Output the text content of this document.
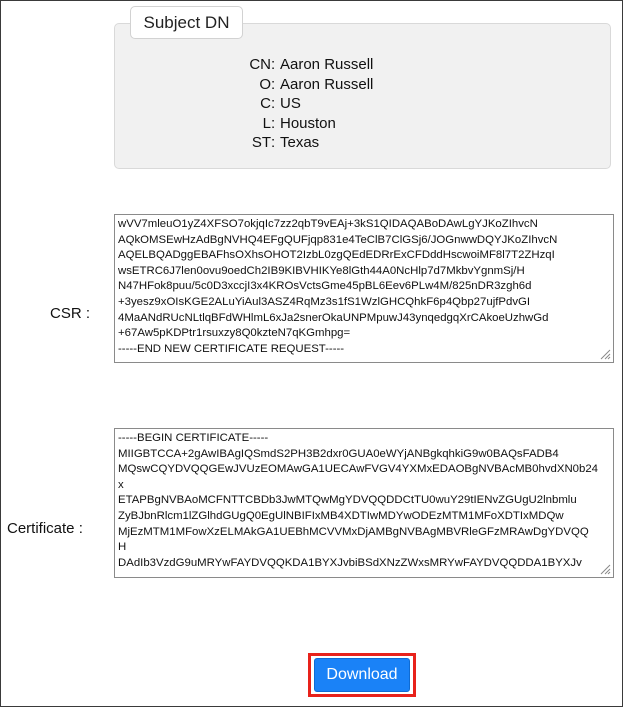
Subject DN
CN : Aaron Russell
O : Aaron Russell
C : US
L : Houston
ST : Texas
CSR :
wVV7mleuO1yZ4XFSO7okjqIc7zz2qbT9vEAj+3kS1QIDAQABoDAwLgYJKoZIhvcN
AQkOMSEwHzAdBgNVHQ4EFgQUFjqp831e4TeClB7ClGSj6/JOGnwwDQYJKoZIhvcN
AQELBQADggEBAFhsOXhsOHOT2IzbL0zgQEdEDRrExCFDddHscwoiMF8l7T2ZHzqI
wsETRC6J7len0ovu9oedCh2IB9KIBVHIKYe8lGth44A0NcHlp7d7MkbvYgnmSj/H
N47HFok8puu/5c0D3xccjI3x4KROsVctsGme45pBL6Eev6PLw4M/825nDR3zgh6d
+3yesz9xOIsKGE2ALuYiAul3ASZ4RqMz3s1fS1WzlGHCQhkF6p4Qbp27ujfPdvGI
4MaANdRUcNLtlqBFdWHlmL6xJa2snerOkaUNPMpuwJ43ynqedgqXrCAkoeUzhwGd
+67Aw5pKDPtr1rsuxzy8Q0kzteN7qKGmhpg=
-----END NEW CERTIFICATE REQUEST-----
Certificate :
-----BEGIN CERTIFICATE-----
MIIGBTCCA+2gAwIBAgIQSmdS2PH3B2dxr0GUA0eWYjANBgkqhkiG9w0BAQsFADB4
MQswCQYDVQQGEwJVUzEOMAwGA1UECAwFVGV4YXMxEDAOBgNVBAcMB0hvdXN0b24
x
ETAPBgNVBAoMCFNTTCBDb3JwMTQwMgYDVQQDDCtTU0wuY29tIENvZGUgU2lnbmlu
ZyBJbnRlcm1lZGlhdGUgQ0EgUlNBIFIxMB4XDTIwMDYwODEzMTM1MFoXDTIxMDQw
MjEzMTM1MFowXzELMAkGA1UEBhMCVVMxDjAMBgNVBAgMBVRleGFzMRAwDgYDVQQ
H
DAdIb3VzdG9uMRYwFAYDVQQKDA1BYXJvbiBSdXNzZWxsMRYwFAYDVQQDDA1BYXJv
Download
